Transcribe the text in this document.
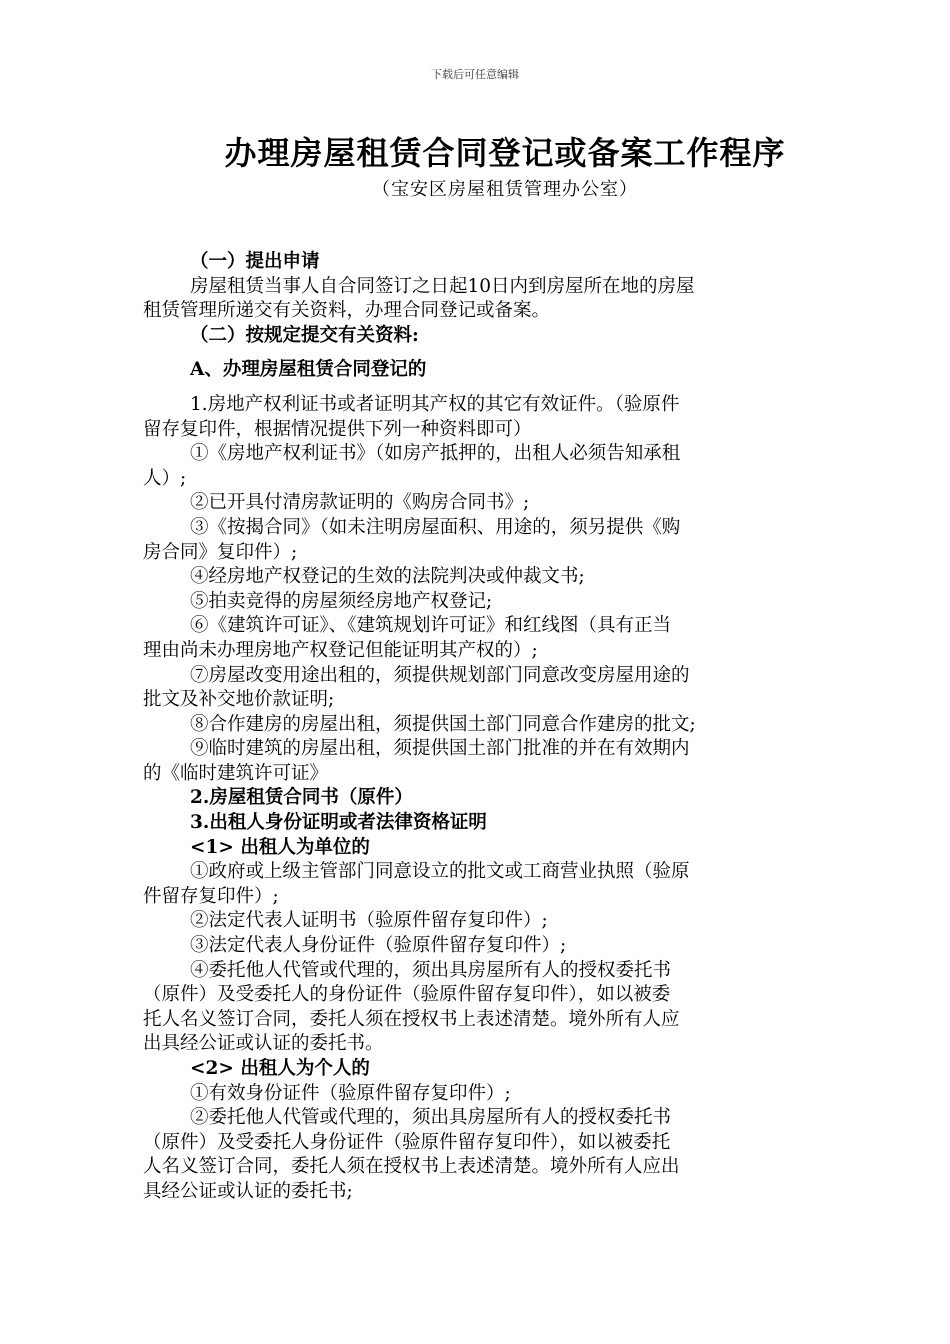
下载后可任意编辑
办理房屋租赁合同登记或备案工作程序
（宝安区房屋租赁管理办公室）
（一）提出申请
房屋租赁当事人自合同签订之日起10日内到房屋所在地的房屋
租赁管理所递交有关资料，办理合同登记或备案。
（二）按规定提交有关资料:
A、办理房屋租赁合同登记的
1.房地产权利证书或者证明其产权的其它有效证件。（验原件
留存复印件，根据情况提供下列一种资料即可）
①《房地产权利证书》（如房产抵押的，出租人必须告知承租
人）;
②已开具付清房款证明的《购房合同书》;
③《按揭合同》（如未注明房屋面积、用途的，须另提供《购
房合同》复印件）;
④经房地产权登记的生效的法院判决或仲裁文书;
⑤拍卖竞得的房屋须经房地产权登记;
⑥《建筑许可证》、《建筑规划许可证》和红线图（具有正当
理由尚未办理房地产权登记但能证明其产权的）;
⑦房屋改变用途出租的，须提供规划部门同意改变房屋用途的
批文及补交地价款证明;
⑧合作建房的房屋出租，须提供国土部门同意合作建房的批文;
⑨临时建筑的房屋出租，须提供国土部门批准的并在有效期内
的《临时建筑许可证》
2.房屋租赁合同书（原件）
3.出租人身份证明或者法律资格证明
<1> 出租人为单位的
①政府或上级主管部门同意设立的批文或工商营业执照（验原
件留存复印件）;
②法定代表人证明书（验原件留存复印件）;
③法定代表人身份证件（验原件留存复印件）;
④委托他人代管或代理的，须出具房屋所有人的授权委托书
（原件）及受委托人的身份证件（验原件留存复印件），如以被委
托人名义签订合同，委托人须在授权书上表述清楚。境外所有人应
出具经公证或认证的委托书。
<2> 出租人为个人的
①有效身份证件（验原件留存复印件）;
②委托他人代管或代理的，须出具房屋所有人的授权委托书
（原件）及受委托人身份证件（验原件留存复印件），如以被委托
人名义签订合同，委托人须在授权书上表述清楚。境外所有人应出
具经公证或认证的委托书;
